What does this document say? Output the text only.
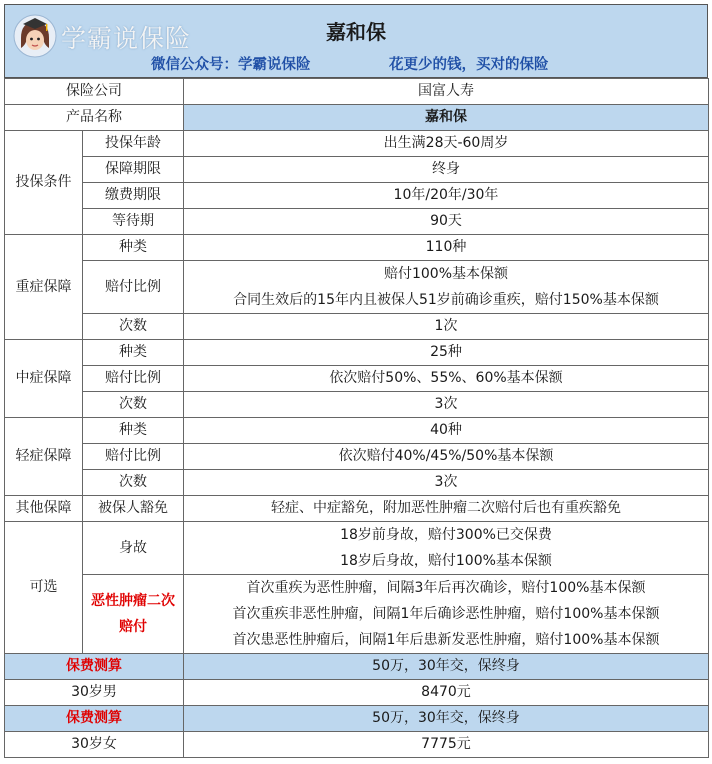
学霸说保险	嘉和保
微信公众号：学霸说保险	花更少的钱，买对的保险
保险公司		国富人寿
产品名称		嘉和保
投保条件	投保年龄	出生满28天-60周岁
	保障期限	终身
	缴费期限	10年/20年/30年
	等待期	90天
重症保障	种类	110种
	赔付比例	赔付100%基本保额
合同生效后的15年内且被保人51岁前确诊重疾，赔付150%基本保额

	次数	1次
中症保障	种类	25种
	赔付比例	依次赔付50%、55%、60%基本保额
	次数	3次
轻症保障	种类	40种
	赔付比例	依次赔付40%/45%/50%基本保额
	次数	3次
其他保障	被保人豁免	轻症、中症豁免，附加恶性肿瘤二次赔付后也有重疾豁免
可选	身故	18岁前身故，赔付300%已交保费
18岁后身故，赔付100%基本保额

	恶性肿瘤二次赔付	首次重疾为恶性肿瘤，间隔3年后再次确诊，赔付100%基本保额
首次重疾非恶性肿瘤，间隔1年后确诊恶性肿瘤，赔付100%基本保额
首次患恶性肿瘤后，间隔1年后患新发恶性肿瘤，赔付100%基本保额

保费测算		50万，30年交，保终身
30岁男		8470元
保费测算		50万，30年交，保终身
30岁女		7775元
